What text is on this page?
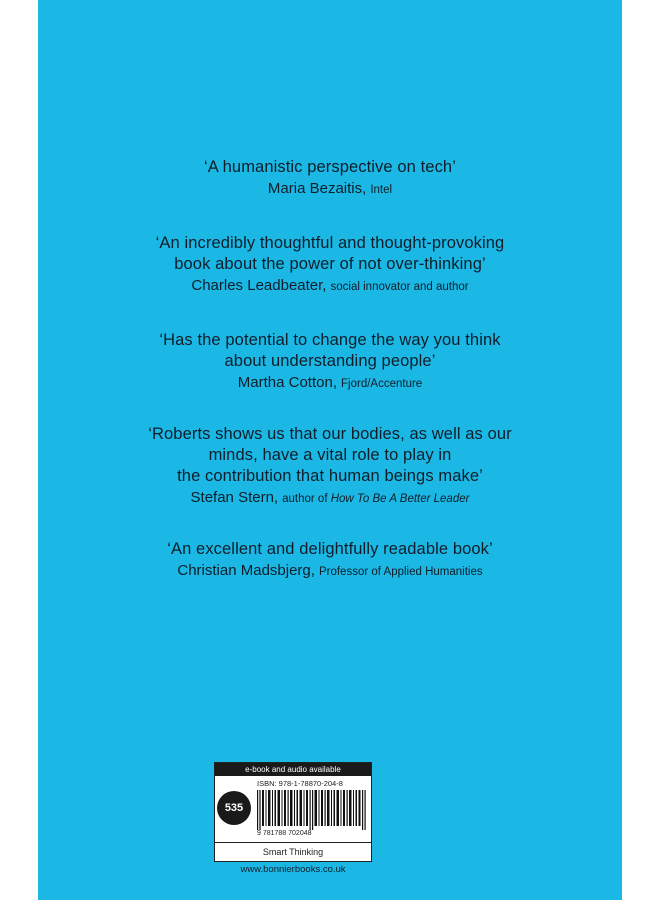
‘A humanistic perspective on tech’

Maria Bezaitis, Intel

‘An incredibly thoughtful and thought-provoking

book about the power of not over-thinking’

Charles Leadbeater, social innovator and author

‘Has the potential to change the way you think

about understanding people’

Martha Cotton, Fjord/Accenture

‘Roberts shows us that our bodies, as well as our

minds, have a vital role to play in

the contribution that human beings make’

Stefan Stern, author of How To Be A Better Leader

‘An excellent and delightfully readable book’

Christian Madsbjerg, Professor of Applied Humanities

e-book and audio available
535
ISBN: 978-1-78870-204-8
9 781788 702048
Smart Thinking
www.bonnierbooks.co.uk
